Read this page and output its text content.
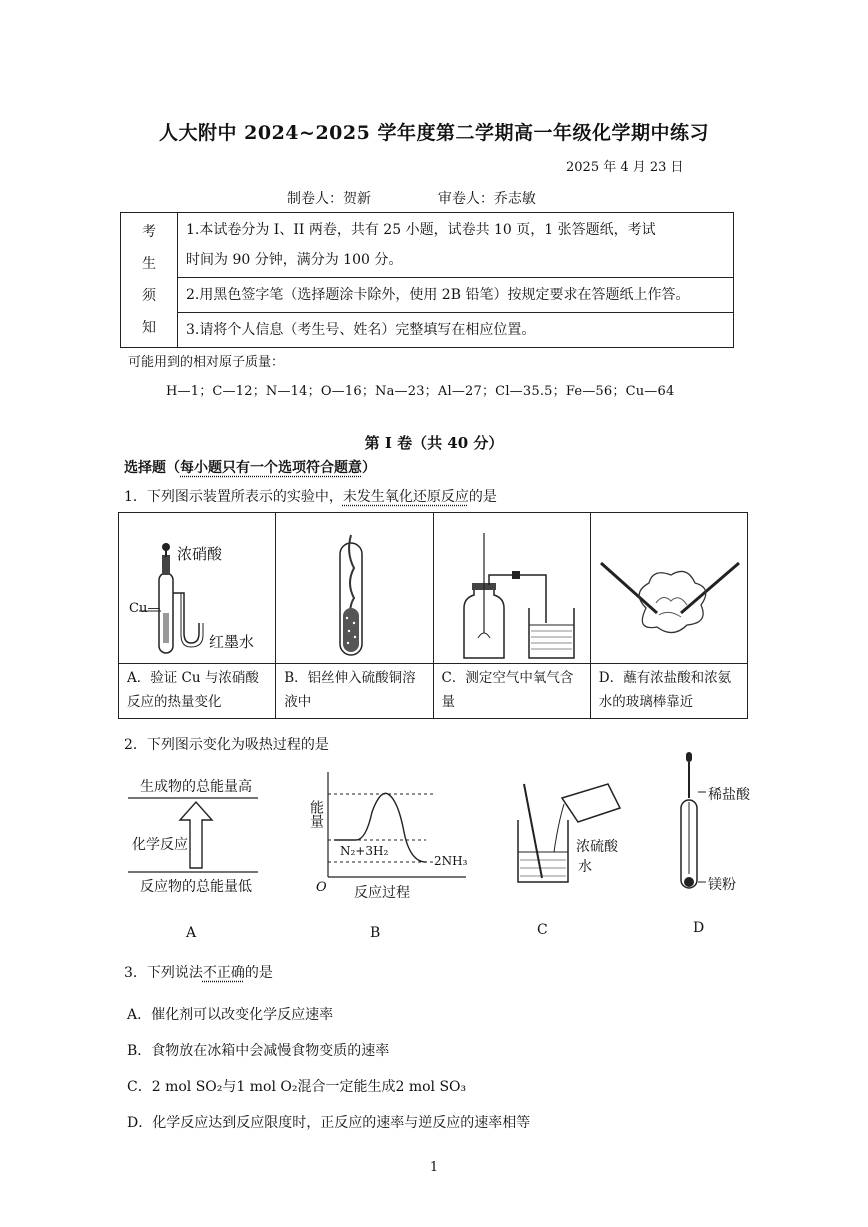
人大附中 2024~2025 学年度第二学期高一年级化学期中练习
2025 年 4 月 23 日
制卷人：贺新	审卷人：乔志敏
考
生
须
知

1.本试卷分为 I、II 两卷，共有 25 小题，试卷共 10 页，1 张答题纸，考试
时间为 90 分钟，满分为 100 分。

2.用黑色签字笔（选择题涂卡除外，使用 2B 铅笔）按规定要求在答题纸上作答。
3.请将个人信息（考生号、姓名）完整填写在相应位置。
可能用到的相对原子质量：
H—1；C—12；N—14；O—16；Na—23；Al—27；Cl—35.5；Fe—56；Cu—64
第 I 卷（共 40 分）
选择题（每小题只有一个选项符合题意）
1．下列图示装置所表示的实验中，未发生氧化还原反应的是
浓硝酸
Cu—
红墨水
A．验证 Cu 与浓硝酸反应的热量变化

B．铝丝伸入硫酸铜溶液中

C．测定空气中氧气含量

D．蘸有浓盐酸和浓氨水的玻璃棒靠近
2．下列图示变化为吸热过程的是
生成物的总能量高
化学反应
反应物的总能量低
A
能量
N₂+3H₂
2NH₃
O 反应过程
B
浓硫酸
水
C
稀盐酸
镁粉
D
3．下列说法不正确的是
A．催化剂可以改变化学反应速率
B．食物放在冰箱中会减慢食物变质的速率
C．2 mol SO₂与1 mol O₂混合一定能生成2 mol SO₃
D．化学反应达到反应限度时，正反应的速率与逆反应的速率相等
1
